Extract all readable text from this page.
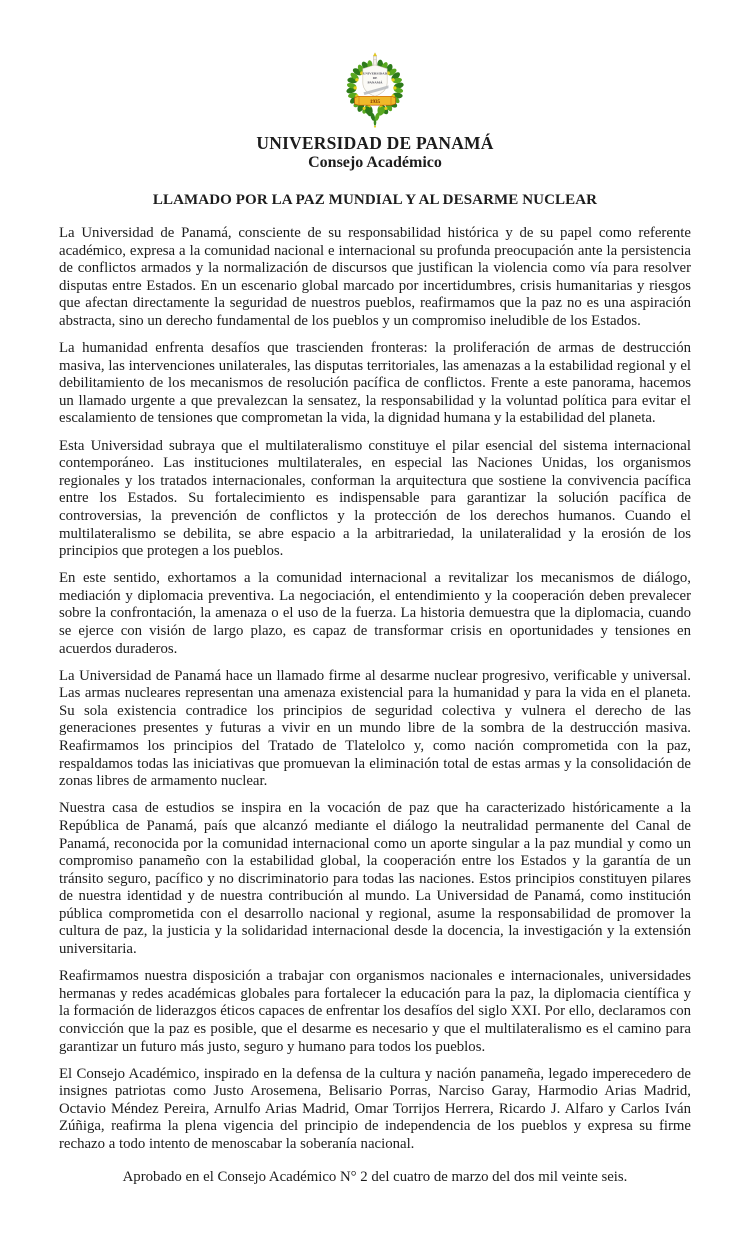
UNIVERSIDAD
DE
PANAMÁ
1935
UNIVERSIDAD DE PANAMÁ
Consejo Académico
LLAMADO POR LA PAZ MUNDIAL Y AL DESARME NUCLEAR

La Universidad de Panamá, consciente de su responsabilidad histórica y de su papel como referente académico, expresa a la comunidad nacional e internacional su profunda preocupación ante la persistencia de conflictos armados y la normalización de discursos que justifican la violencia como vía para resolver disputas entre Estados. En un escenario global marcado por incertidumbres, crisis humanitarias y riesgos que afectan directamente la seguridad de nuestros pueblos, reafirmamos que la paz no es una aspiración abstracta, sino un derecho fundamental de los pueblos y un compromiso ineludible de los Estados.

La humanidad enfrenta desafíos que trascienden fronteras: la proliferación de armas de destrucción masiva, las intervenciones unilaterales, las disputas territoriales, las amenazas a la estabilidad regional y el debilitamiento de los mecanismos de resolución pacífica de conflictos. Frente a este panorama, hacemos un llamado urgente a que prevalezcan la sensatez, la responsabilidad y la voluntad política para evitar el escalamiento de tensiones que comprometan la vida, la dignidad humana y la estabilidad del planeta.

Esta Universidad subraya que el multilateralismo constituye el pilar esencial del sistema internacional contemporáneo. Las instituciones multilaterales, en especial las Naciones Unidas, los organismos regionales y los tratados internacionales, conforman la arquitectura que sostiene la convivencia pacífica entre los Estados. Su fortalecimiento es indispensable para garantizar la solución pacífica de controversias, la prevención de conflictos y la protección de los derechos humanos. Cuando el multilateralismo se debilita, se abre espacio a la arbitrariedad, la unilateralidad y la erosión de los principios que protegen a los pueblos.

En este sentido, exhortamos a la comunidad internacional a revitalizar los mecanismos de diálogo, mediación y diplomacia preventiva. La negociación, el entendimiento y la cooperación deben prevalecer sobre la confrontación, la amenaza o el uso de la fuerza. La historia demuestra que la diplomacia, cuando se ejerce con visión de largo plazo, es capaz de transformar crisis en oportunidades y tensiones en acuerdos duraderos.

La Universidad de Panamá hace un llamado firme al desarme nuclear progresivo, verificable y universal. Las armas nucleares representan una amenaza existencial para la humanidad y para la vida en el planeta. Su sola existencia contradice los principios de seguridad colectiva y vulnera el derecho de las generaciones presentes y futuras a vivir en un mundo libre de la sombra de la destrucción masiva. Reafirmamos los principios del Tratado de Tlatelolco y, como nación comprometida con la paz, respaldamos todas las iniciativas que promuevan la eliminación total de estas armas y la consolidación de zonas libres de armamento nuclear.

Nuestra casa de estudios se inspira en la vocación de paz que ha caracterizado históricamente a la República de Panamá, país que alcanzó mediante el diálogo la neutralidad permanente del Canal de Panamá, reconocida por la comunidad internacional como un aporte singular a la paz mundial y como un compromiso panameño con la estabilidad global, la cooperación entre los Estados y la garantía de un tránsito seguro, pacífico y no discriminatorio para todas las naciones. Estos principios constituyen pilares de nuestra identidad y de nuestra contribución al mundo. La Universidad de Panamá, como institución pública comprometida con el desarrollo nacional y regional, asume la responsabilidad de promover la cultura de paz, la justicia y la solidaridad internacional desde la docencia, la investigación y la extensión universitaria.

Reafirmamos nuestra disposición a trabajar con organismos nacionales e internacionales, universidades hermanas y redes académicas globales para fortalecer la educación para la paz, la diplomacia científica y la formación de liderazgos éticos capaces de enfrentar los desafíos del siglo XXI. Por ello, declaramos con convicción que la paz es posible, que el desarme es necesario y que el multilateralismo es el camino para garantizar un futuro más justo, seguro y humano para todos los pueblos.

El Consejo Académico, inspirado en la defensa de la cultura y nación panameña, legado imperecedero de insignes patriotas como Justo Arosemena, Belisario Porras, Narciso Garay, Harmodio Arias Madrid, Octavio Méndez Pereira, Arnulfo Arias Madrid, Omar Torrijos Herrera, Ricardo J. Alfaro y Carlos Iván Zúñiga, reafirma la plena vigencia del principio de independencia de los pueblos y expresa su firme rechazo a todo intento de menoscabar la soberanía nacional.

Aprobado en el Consejo Académico N° 2 del cuatro de marzo del dos mil veinte seis.
